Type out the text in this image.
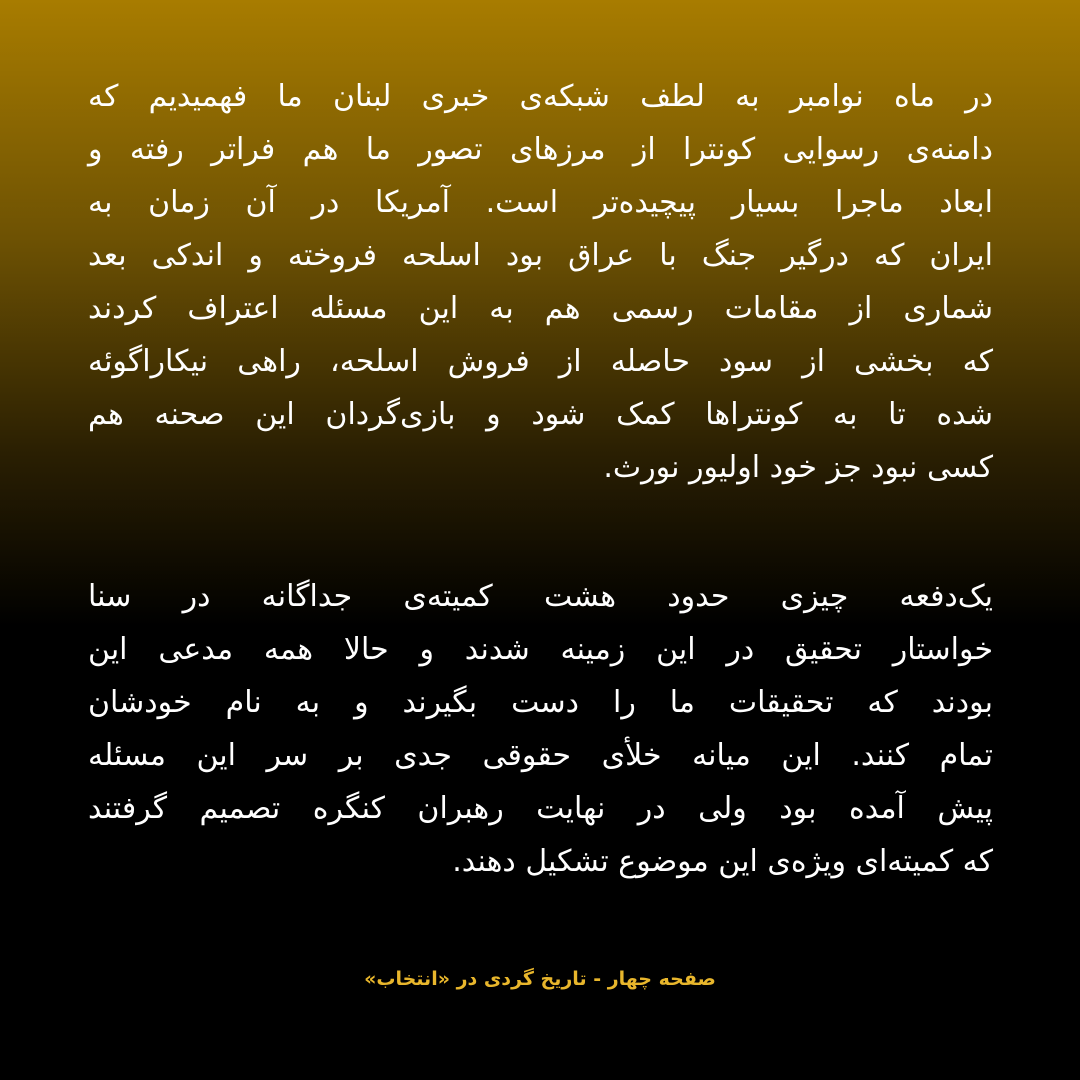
در ماه نوامبر به لطف شبکه‌ی خبری لبنان ما فهمیدیم که
دامنه‌ی رسوایی کونترا از مرزهای تصور ما هم فراتر رفته و
ابعاد ماجرا بسیار پیچیده‌تر است. آمریکا در آن زمان به
ایران که درگیر جنگ با عراق بود اسلحه فروخته و اندکی بعد
شماری از مقامات رسمی هم به این مسئله اعتراف کردند
که بخشی از سود حاصله از فروش اسلحه، راهی نیکاراگوئه
شده تا به کونتراها کمک شود و بازی‌گردان این صحنه هم
کسی نبود جز خود اولیور نورث.
یک‌دفعه چیزی حدود هشت کمیته‌ی جداگانه در سنا
خواستار تحقیق در این زمینه شدند و حالا همه مدعی این
بودند که تحقیقات ما را دست بگیرند و به نام خودشان
تمام کنند. این میانه خلأی حقوقی جدی بر سر این مسئله
پیش آمده بود ولی در نهایت رهبران کنگره تصمیم گرفتند
که کمیته‌ای ویژه‌ی این موضوع تشکیل دهند.
صفحه چهار - تاریخ گردی در «انتخاب»
